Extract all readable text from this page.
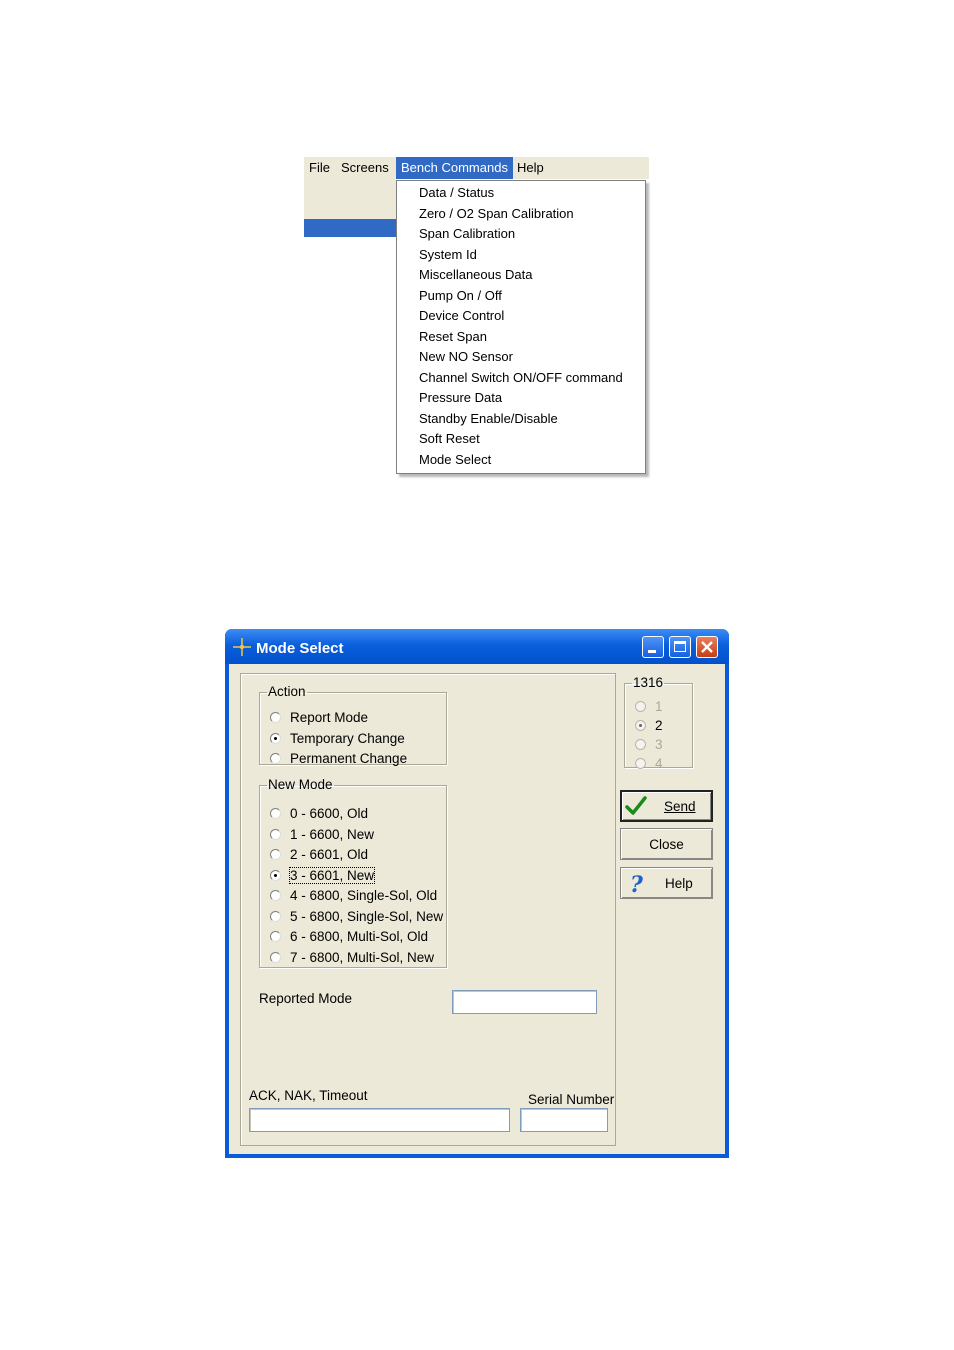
File Screens Bench Commands Help
Data / Status
Zero / O2 Span Calibration
Span Calibration
System Id
Miscellaneous Data
Pump On / Off
Device Control
Reset Span
New NO Sensor
Channel Switch ON/OFF command
Pressure Data
Standby Enable/Disable
Soft Reset
Mode Select
Mode Select
Action
Report Mode
Temporary Change
Permanent Change
New Mode
0 - 6600, Old
1 - 6600, New
2 - 6601, Old
3 - 6601, New
4 - 6800, Single-Sol, Old
5 - 6800, Single-Sol, New
6 - 6800, Multi-Sol, Old
7 - 6800, Multi-Sol, New
Reported Mode
ACK, NAK, Timeout	Serial Number
1316
1
2
3
4
Send
Close
? Help
